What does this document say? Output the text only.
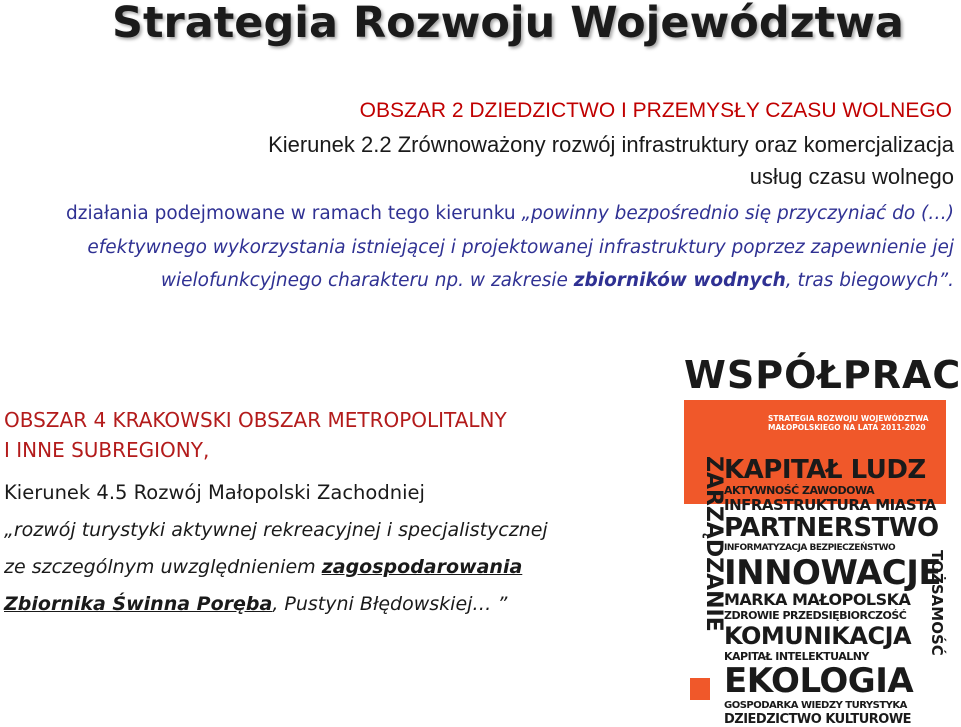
Strategia Rozwoju Województwa
OBSZAR 2 DZIEDZICTWO I PRZEMYSŁY CZASU WOLNEGO
Kierunek 2.2 Zrównoważony rozwój infrastruktury oraz komercjalizacja
usług czasu wolnego
działania podejmowane w ramach tego kierunku „powinny bezpośrednio się przyczyniać do (…) efektywnego wykorzystania istniejącej i projektowanej infrastruktury poprzez zapewnienie jej wielofunkcyjnego charakteru np. w zakresie zbiorników wodnych, tras biegowych”.
OBSZAR 4 KRAKOWSKI OBSZAR METROPOLITALNY
I INNE SUBREGIONY,
Kierunek 4.5 Rozwój Małopolski Zachodniej
„rozwój turystyki aktywnej rekreacyjnej i specjalistycznej
ze szczególnym uwzględnieniem zagospodarowania
Zbiornika Świnna Poręba, Pustyni Błędowskiej… ”
WSPÓŁPRAC
STRATEGIA ROZWOJU WOJEWÓDZTWA MAŁOPOLSKIEGO NA LATA 2011-2020
ZARZĄDZANIE
KAPITAŁ LUDZ
AKTYWNOŚĆ ZAWODOWA
INFRASTRUKTURA MIASTA
PARTNERSTWO
INFORMATYZACJA BEZPIECZEŃSTWO
INNOWACJE
MARKA MAŁOPOLSKA
ZDROWIE PRZEDSIĘBIORCZOŚĆ
KOMUNIKACJA
KAPITAŁ INTELEKTUALNY
EKOLOGIA
GOSPODARKA WIEDZY TURYSTYKA
DZIEDZICTWO KULTUROWE
TOŻSAMOŚĆ
